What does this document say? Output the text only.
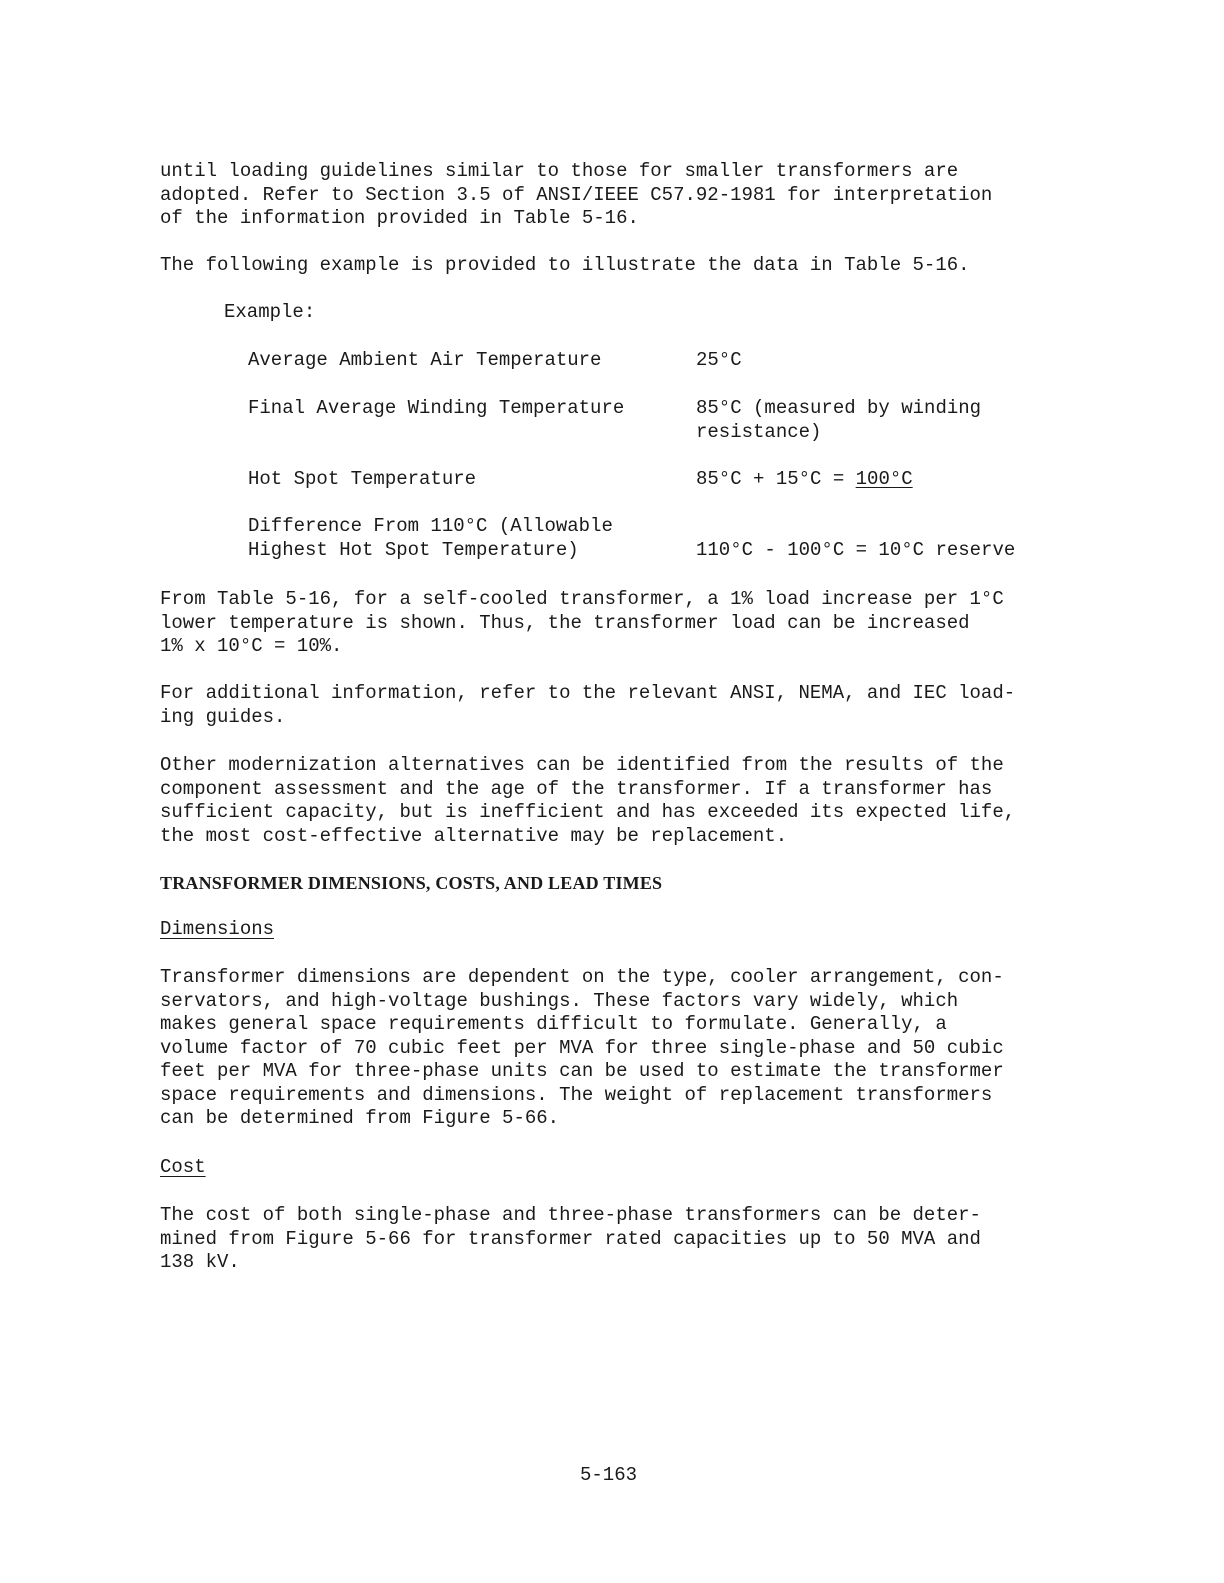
until loading guidelines similar to those for smaller transformers are
adopted. Refer to Section 3.5 of ANSI/IEEE C57.92-1981 for interpretation
of the information provided in Table 5-16.

The following example is provided to illustrate the data in Table 5-16.

Example:
Average Ambient Air Temperature	25°C
Final Average Winding Temperature	85°C (measured by winding
resistance)
Hot Spot Temperature	85°C + 15°C = 100°C
Difference From 110°C (Allowable
Highest Hot Spot Temperature)	110°C - 100°C = 10°C reserve

From Table 5-16, for a self-cooled transformer, a 1% load increase per 1°C
lower temperature is shown. Thus, the transformer load can be increased
1% x 10°C = 10%.

For additional information, refer to the relevant ANSI, NEMA, and IEC load-
ing guides.

Other modernization alternatives can be identified from the results of the
component assessment and the age of the transformer. If a transformer has
sufficient capacity, but is inefficient and has exceeded its expected life,
the most cost-effective alternative may be replacement.

TRANSFORMER DIMENSIONS, COSTS, AND LEAD TIMES
Dimensions

Transformer dimensions are dependent on the type, cooler arrangement, con-
servators, and high-voltage bushings. These factors vary widely, which
makes general space requirements difficult to formulate. Generally, a
volume factor of 70 cubic feet per MVA for three single-phase and 50 cubic
feet per MVA for three-phase units can be used to estimate the transformer
space requirements and dimensions. The weight of replacement transformers
can be determined from Figure 5-66.

Cost

The cost of both single-phase and three-phase transformers can be deter-
mined from Figure 5-66 for transformer rated capacities up to 50 MVA and
138 kV.

5-163
